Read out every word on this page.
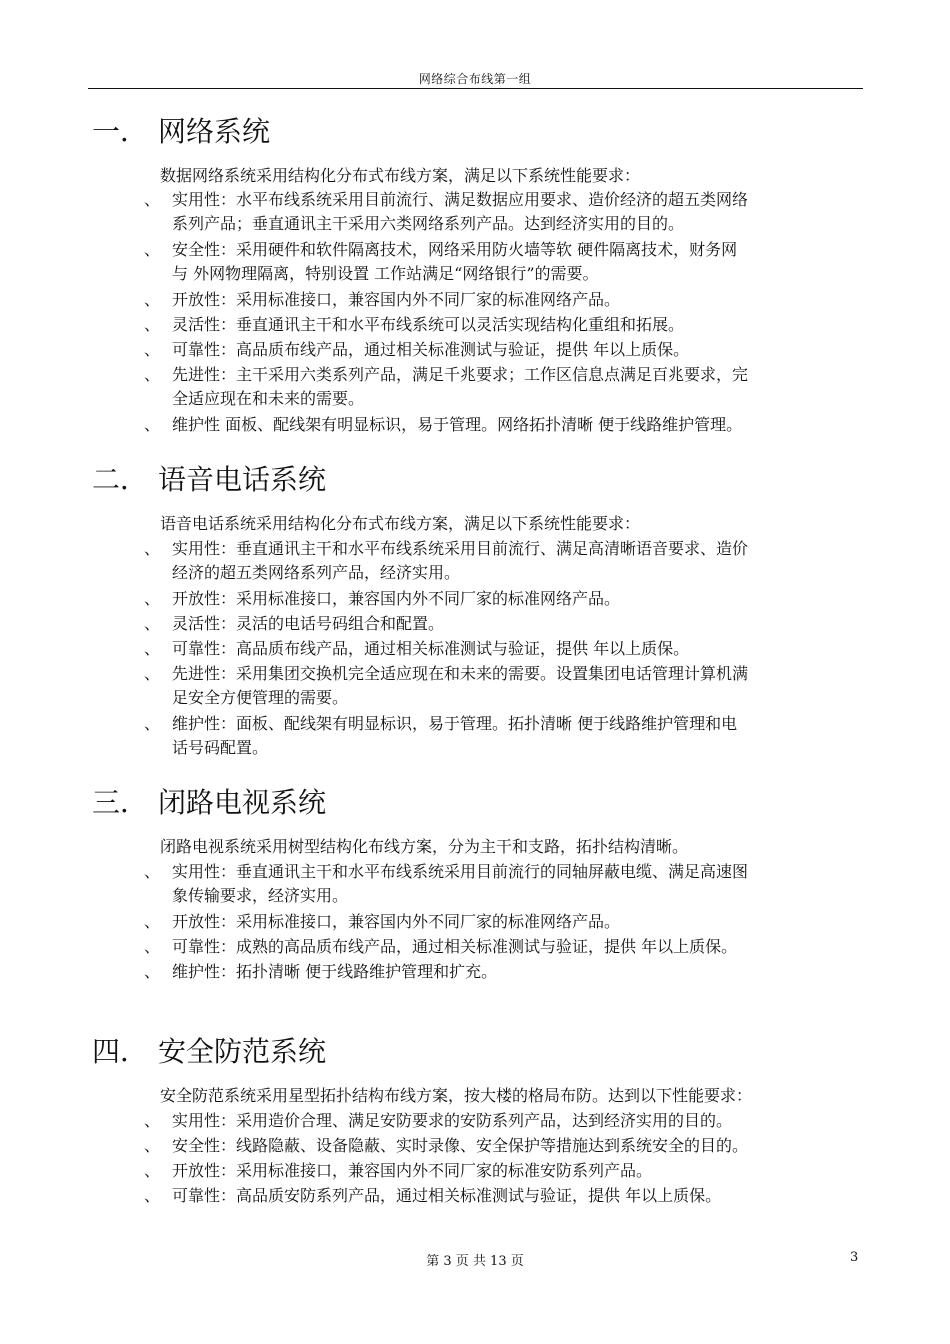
网络综合布线第一组
一． 网络系统
数据网络系统采用结构化分布式布线方案，满足以下系统性能要求：
、 实用性：水平布线系统采用目前流行、满足数据应用要求、造价经济的超五类网络
系列产品；垂直通讯主干采用六类网络系列产品。达到经济实用的目的。
、 安全性：采用硬件和软件隔离技术，网络采用防火墙等软 硬件隔离技术，财务网
与 外网物理隔离，特别设置 工作站满足“网络银行”的需要。
、 开放性：采用标准接口，兼容国内外不同厂家的标准网络产品。
、 灵活性：垂直通讯主干和水平布线系统可以灵活实现结构化重组和拓展。
、 可靠性：高品质布线产品，通过相关标准测试与验证，提供 年以上质保。
、 先进性：主干采用六类系列产品，满足千兆要求；工作区信息点满足百兆要求，完
全适应现在和未来的需要。
、 维护性 面板、配线架有明显标识，易于管理。网络拓扑清晰 便于线路维护管理。
二． 语音电话系统
语音电话系统采用结构化分布式布线方案，满足以下系统性能要求：
、 实用性：垂直通讯主干和水平布线系统采用目前流行、满足高清晰语音要求、造价
经济的超五类网络系列产品，经济实用。
、 开放性：采用标准接口，兼容国内外不同厂家的标准网络产品。
、 灵活性：灵活的电话号码组合和配置。
、 可靠性：高品质布线产品，通过相关标准测试与验证，提供 年以上质保。
、 先进性：采用集团交换机完全适应现在和未来的需要。设置集团电话管理计算机满
足安全方便管理的需要。
、 维护性：面板、配线架有明显标识，易于管理。拓扑清晰 便于线路维护管理和电
话号码配置。
三． 闭路电视系统
闭路电视系统采用树型结构化布线方案，分为主干和支路，拓扑结构清晰。
、 实用性：垂直通讯主干和水平布线系统采用目前流行的同轴屏蔽电缆、满足高速图
象传输要求，经济实用。
、 开放性：采用标准接口，兼容国内外不同厂家的标准网络产品。
、 可靠性：成熟的高品质布线产品，通过相关标准测试与验证，提供 年以上质保。
、 维护性：拓扑清晰 便于线路维护管理和扩充。
四． 安全防范系统
安全防范系统采用星型拓扑结构布线方案，按大楼的格局布防。达到以下性能要求：
、 实用性：采用造价合理、满足安防要求的安防系列产品，达到经济实用的目的。
、 安全性：线路隐蔽、设备隐蔽、实时录像、安全保护等措施达到系统安全的目的。
、 开放性：采用标准接口，兼容国内外不同厂家的标准安防系列产品。
、 可靠性：高品质安防系列产品，通过相关标准测试与验证，提供 年以上质保。
第 3 页 共 13 页	3
